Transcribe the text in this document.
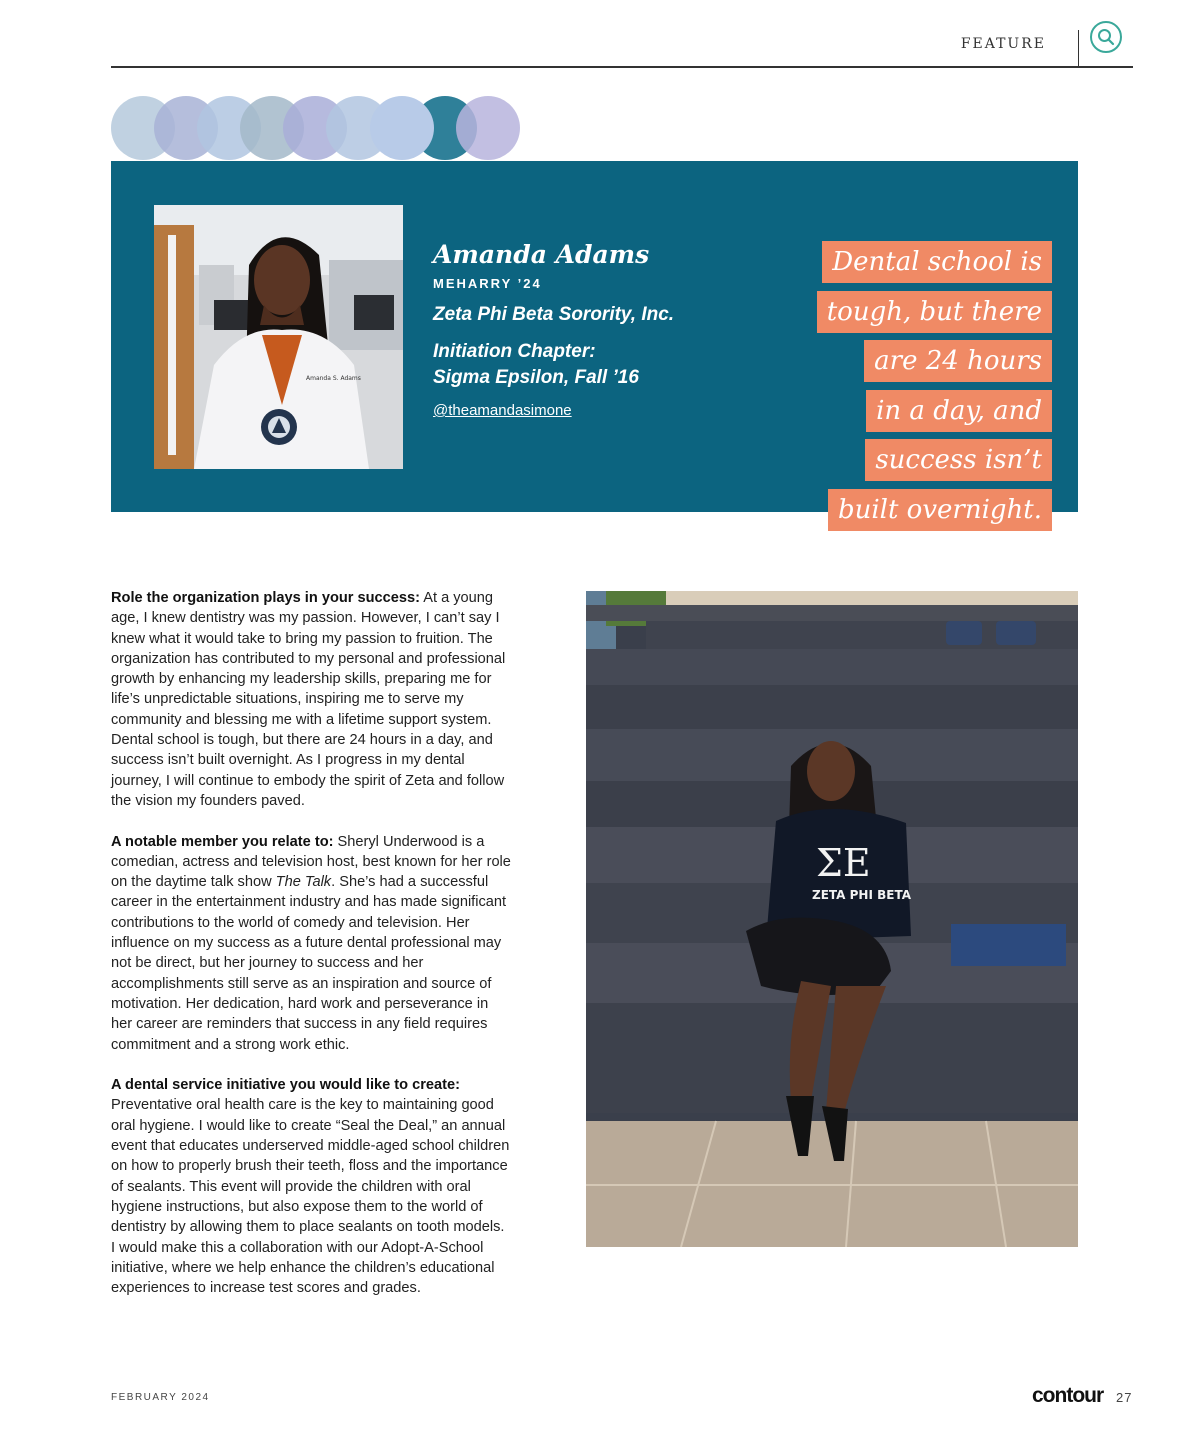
FEATURE
Amanda S. Adams
Amanda Adams
MEHARRY ’24
Zeta Phi Beta Sorority, Inc.
Initiation Chapter:
Sigma Epsilon, Fall ’16
@theamandasimone
Dental school is
tough, but there
are 24 hours
in a day, and
success isn’t
built overnight.

Role the organization plays in your success: At a young age, I knew dentistry was my passion. However, I can’t say I knew what it would take to bring my passion to fruition. The organization has contributed to my personal and professional growth by enhancing my leadership skills, preparing me for life’s unpredictable situations, inspiring me to serve my community and blessing me with a lifetime support system. Dental school is tough, but there are 24 hours in a day, and success isn’t built overnight. As I progress in my dental journey, I will continue to embody the spirit of Zeta and follow the vision my founders paved.

A notable member you relate to: Sheryl Underwood is a comedian, actress and television host, best known for her role on the daytime talk show The Talk. She’s had a successful career in the entertainment industry and has made significant contributions to the world of comedy and television. Her influence on my success as a future dental professional may not be direct, but her journey to success and her accomplishments still serve as an inspiration and source of motivation. Her dedication, hard work and perseverance in her career are reminders that success in any field requires commitment and a strong work ethic.

A dental service initiative you would like to create: Preventative oral health care is the key to maintaining good oral hygiene. I would like to create “Seal the Deal,” an annual event that educates underserved middle-aged school children on how to properly brush their teeth, floss and the importance of sealants. This event will provide the children with oral hygiene instructions, but also expose them to the world of dentistry by allowing them to place sealants on tooth models. I would make this a collaboration with our Adopt-A-School initiative, where we help enhance the children’s educational experiences to increase test scores and grades.

ΣΕ
ZETA PHI BETA
FEBRUARY 2024	contour 27
